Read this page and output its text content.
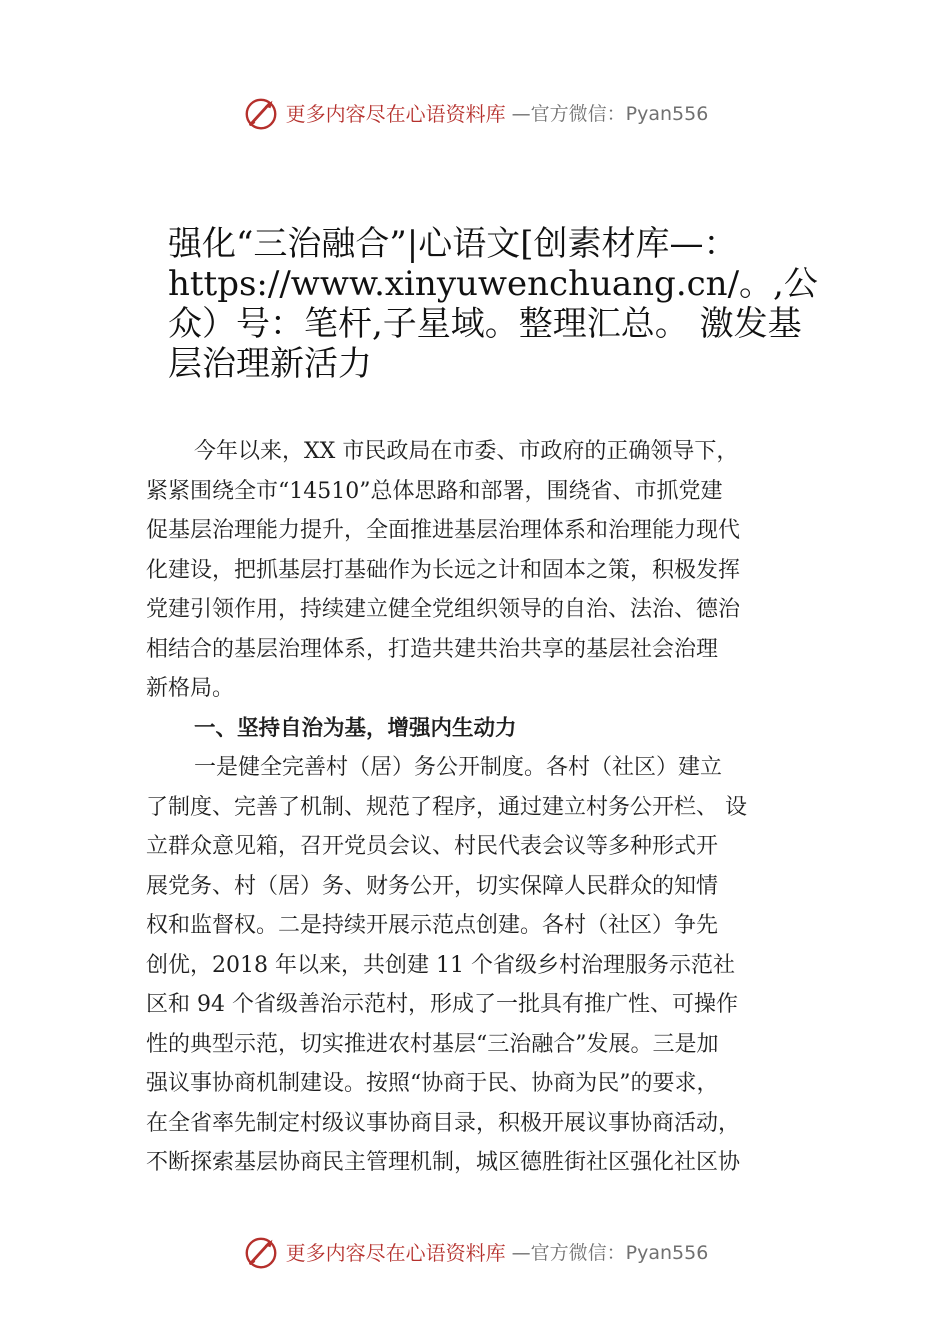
更多内容尽在心语资料库 —官方微信：Pyan556
强化“三治融合”|心语文[创素材库—：
https://www.xinyuwenchuang.cn/。,公
众）号：笔杆,子星域。整理汇总。 激发基
层治理新活力
今年以来，XX 市民政局在市委、市政府的正确领导下，
紧紧围绕全市“14510”总体思路和部署，围绕省、市抓党建
促基层治理能力提升，全面推进基层治理体系和治理能力现代
化建设，把抓基层打基础作为长远之计和固本之策，积极发挥
党建引领作用，持续建立健全党组织领导的自治、法治、德治
相结合的基层治理体系，打造共建共治共享的基层社会治理
新格局。
一、坚持自治为基，增强内生动力
一是健全完善村（居）务公开制度。各村（社区）建立
了制度、完善了机制、规范了程序，通过建立村务公开栏、 设
立群众意见箱，召开党员会议、村民代表会议等多种形式开
展党务、村（居）务、财务公开，切实保障人民群众的知情
权和监督权。二是持续开展示范点创建。各村（社区）争先
创优，2018 年以来，共创建 11 个省级乡村治理服务示范社
区和 94 个省级善治示范村，形成了一批具有推广性、可操作
性的典型示范，切实推进农村基层“三治融合”发展。三是加
强议事协商机制建设。按照“协商于民、协商为民”的要求，
在全省率先制定村级议事协商目录，积极开展议事协商活动，
不断探索基层协商民主管理机制，城区德胜街社区强化社区协
更多内容尽在心语资料库 —官方微信：Pyan556
